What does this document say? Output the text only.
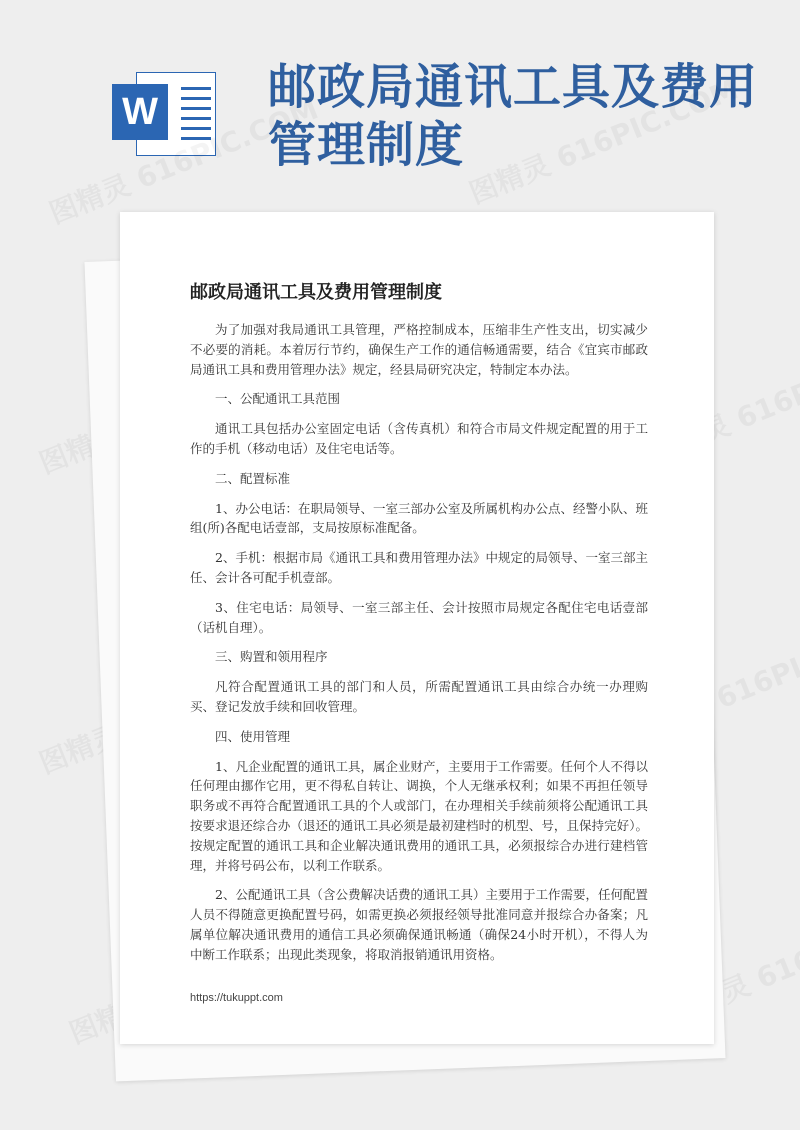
W 邮政局通讯工具及费用管理制度
邮政局通讯工具及费用管理制度

为了加强对我局通讯工具管理，严格控制成本，压缩非生产性支出，切实减少不必要的消耗。本着厉行节约，确保生产工作的通信畅通需要，结合《宜宾市邮政局通讯工具和费用管理办法》规定，经县局研究决定，特制定本办法。

一、公配通讯工具范围

通讯工具包括办公室固定电话（含传真机）和符合市局文件规定配置的用于工作的手机（移动电话）及住宅电话等。

二、配置标准

1、办公电话：在职局领导、一室三部办公室及所属机构办公点、经警小队、班组(所)各配电话壹部，支局按原标准配备。

2、手机：根据市局《通讯工具和费用管理办法》中规定的局领导、一室三部主任、会计各可配手机壹部。

3、住宅电话：局领导、一室三部主任、会计按照市局规定各配住宅电话壹部（话机自理）。

三、购置和领用程序

凡符合配置通讯工具的部门和人员，所需配置通讯工具由综合办统一办理购买、登记发放手续和回收管理。

四、使用管理

1、凡企业配置的通讯工具，属企业财产，主要用于工作需要。任何个人不得以任何理由挪作它用，更不得私自转让、调换，个人无继承权利；如果不再担任领导职务或不再符合配置通讯工具的个人或部门，在办理相关手续前须将公配通讯工具按要求退还综合办（退还的通讯工具必须是最初建档时的机型、号，且保持完好）。按规定配置的通讯工具和企业解决通讯费用的通讯工具，必须报综合办进行建档管理，并将号码公布，以利工作联系。

2、公配通讯工具（含公费解决话费的通讯工具）主要用于工作需要，任何配置人员不得随意更换配置号码，如需更换必须报经领导批准同意并报综合办备案；凡属单位解决通讯费用的通信工具必须确保通讯畅通（确保24小时开机），不得人为中断工作联系；出现此类现象，将取消报销通讯用资格。

https://tukuppt.com
